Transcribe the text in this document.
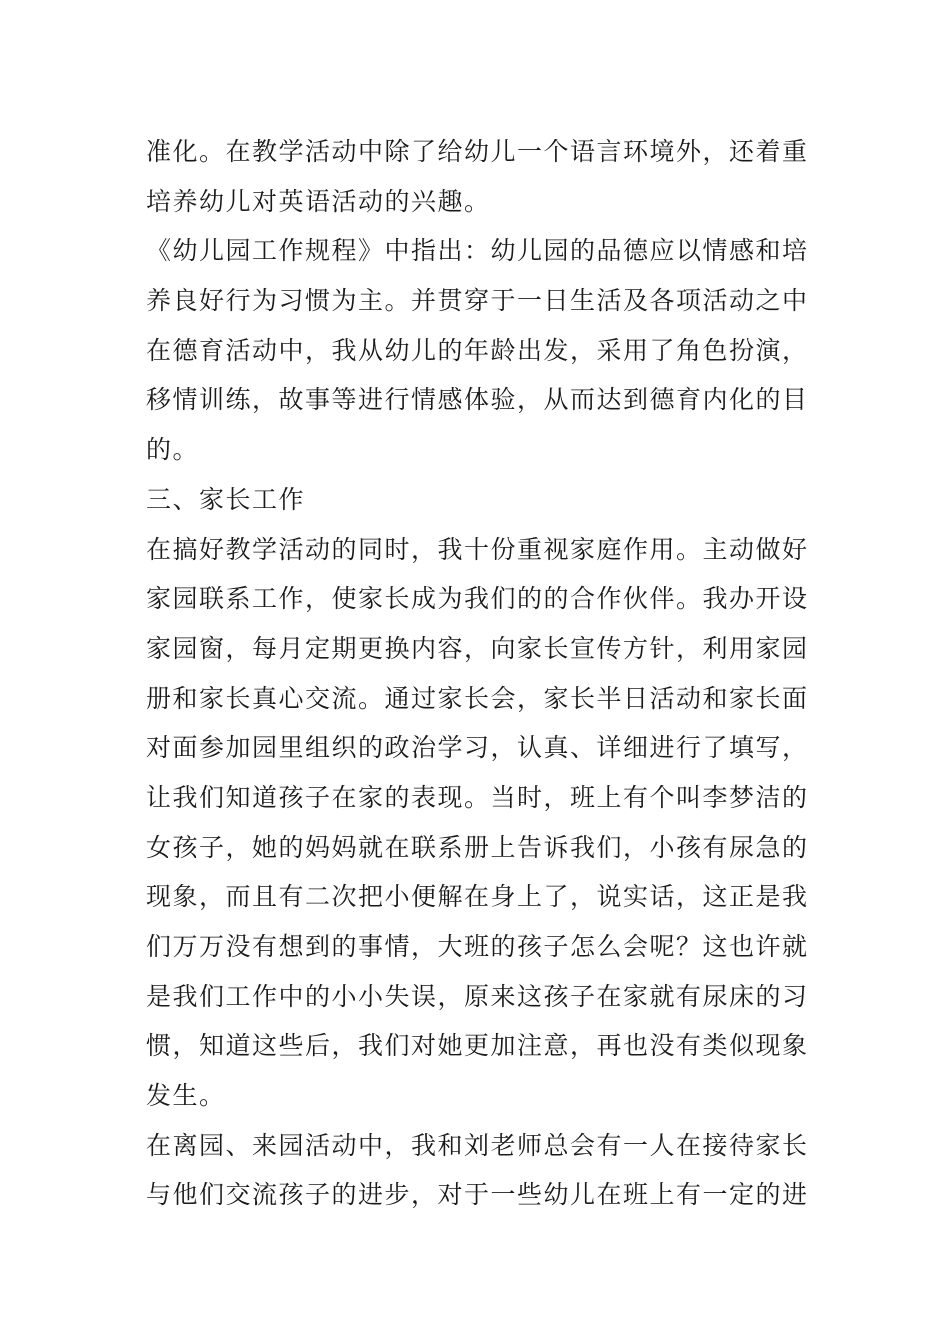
准化。在教学活动中除了给幼儿一个语言环境外，还着重
培养幼儿对英语活动的兴趣。
《幼儿园工作规程》中指出：幼儿园的品德应以情感和培
养良好行为习惯为主。并贯穿于一日生活及各项活动之中
在德育活动中，我从幼儿的年龄出发，采用了角色扮演，
移情训练，故事等进行情感体验，从而达到德育内化的目
的。
三、家长工作
在搞好教学活动的同时，我十份重视家庭作用。主动做好
家园联系工作，使家长成为我们的的合作伙伴。我办开设
家园窗，每月定期更换内容，向家长宣传方针，利用家园
册和家长真心交流。通过家长会，家长半日活动和家长面
对面参加园里组织的政治学习，认真、详细进行了填写，
让我们知道孩子在家的表现。当时，班上有个叫李梦洁的
女孩子，她的妈妈就在联系册上告诉我们，小孩有尿急的
现象，而且有二次把小便解在身上了，说实话，这正是我
们万万没有想到的事情，大班的孩子怎么会呢？这也许就
是我们工作中的小小失误，原来这孩子在家就有尿床的习
惯，知道这些后，我们对她更加注意，再也没有类似现象
发生。
在离园、来园活动中，我和刘老师总会有一人在接待家长
与他们交流孩子的进步，对于一些幼儿在班上有一定的进
